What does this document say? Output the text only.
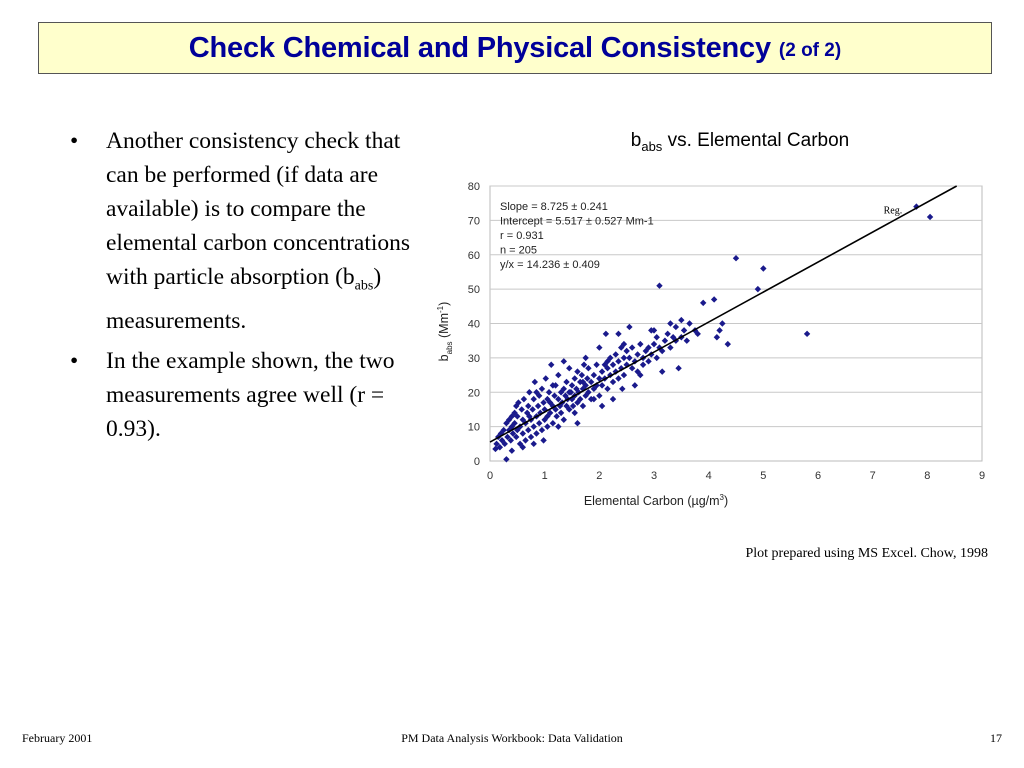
Check Chemical and Physical Consistency (2 of 2)
• Another consistency check that can be performed (if data are available) is to compare the elemental carbon concentrations with particle absorption $(b_{abs})$ measurements.
• In the example shown, the two measurements agree well (r = 0.93).
$b_{abs}$ vs. Elemental Carbon
0
10
20
30
40
50
60
70
80
0	1	2	3	4	5	6	7	8	9
Elemental Carbon $(\mu g/m^3)$
$b_{abs}$ $(Mm^{-1})$
Slope = 8.725 ± 0.241
Intercept = 5.517 ± 0.527 Mm-1
r = 0.931
n = 205
y/x = 14.236 ± 0.409
Reg.
Plot prepared using MS Excel. Chow, 1998
February 2001	PM Data Analysis Workbook: Data Validation	17
